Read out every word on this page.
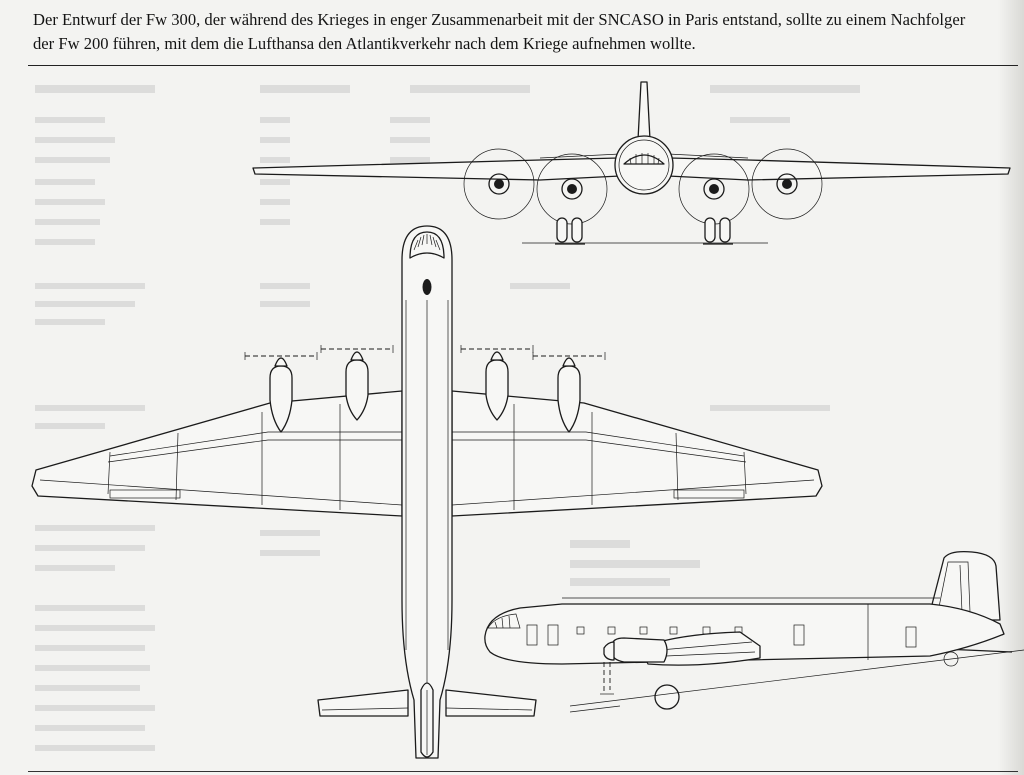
Der Entwurf der Fw 300, der während des Krieges in enger Zusammenarbeit mit der SNCASO in Paris entstand, sollte zu einem Nachfolger
der Fw 200 führen, mit dem die Lufthansa den Atlantikverkehr nach dem Kriege aufnehmen wollte.
